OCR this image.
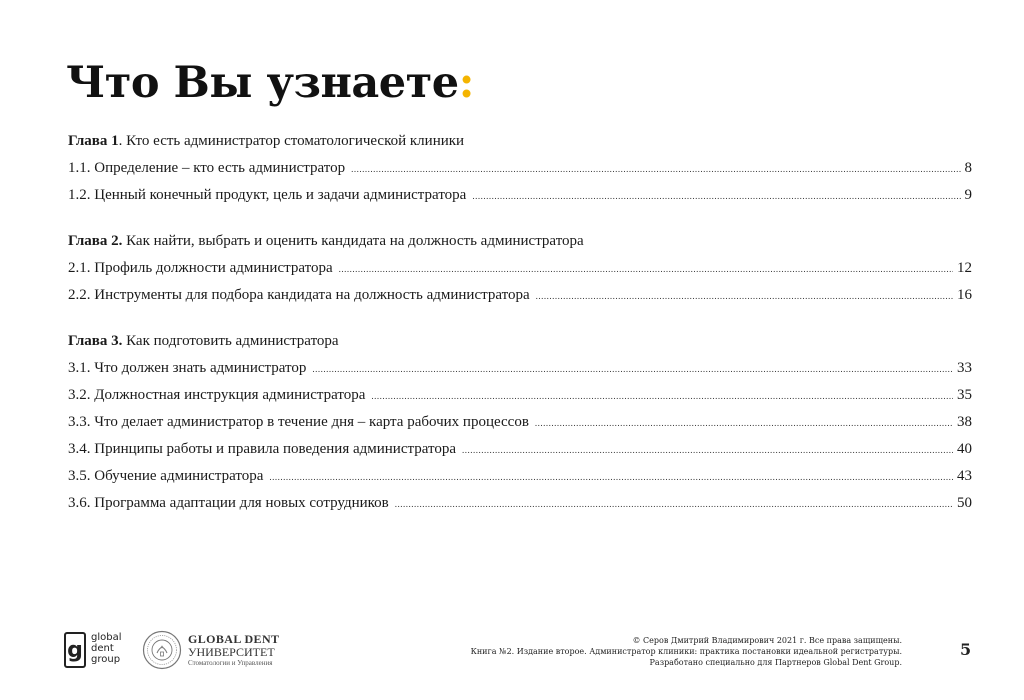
Что Вы узнаете:
Глава 1. Кто есть администратор стоматологической клиники
1.1. Определение – кто есть администратор .....	8
1.2. Ценный конечный продукт, цель и задачи администратора .....	9
Глава 2. Как найти, выбрать и оценить кандидата на должность администратора
2.1. Профиль должности администратора .....	12
2.2. Инструменты для подбора кандидата на должность администратора .....	16
Глава 3. Как подготовить администратора
3.1. Что должен знать администратор .....	33
3.2. Должностная инструкция администратора .....	35
3.3. Что делает администратор в течение дня – карта рабочих процессов .....	38
3.4. Принципы работы и правила поведения администратора .....	40
3.5. Обучение администратора .....	43
3.6. Программа адаптации для новых сотрудников .....	50
g global
dent
group
GLOBAL DENT
УНИВЕРСИТЕТ
Стоматологии и Управления
© Серов Дмитрий Владимирович 2021 г. Все права защищены.
Книга №2. Издание второе. Администратор клиники: практика постановки идеальной регистратуры.
Разработано специально для Партнеров Global Dent Group.
5
